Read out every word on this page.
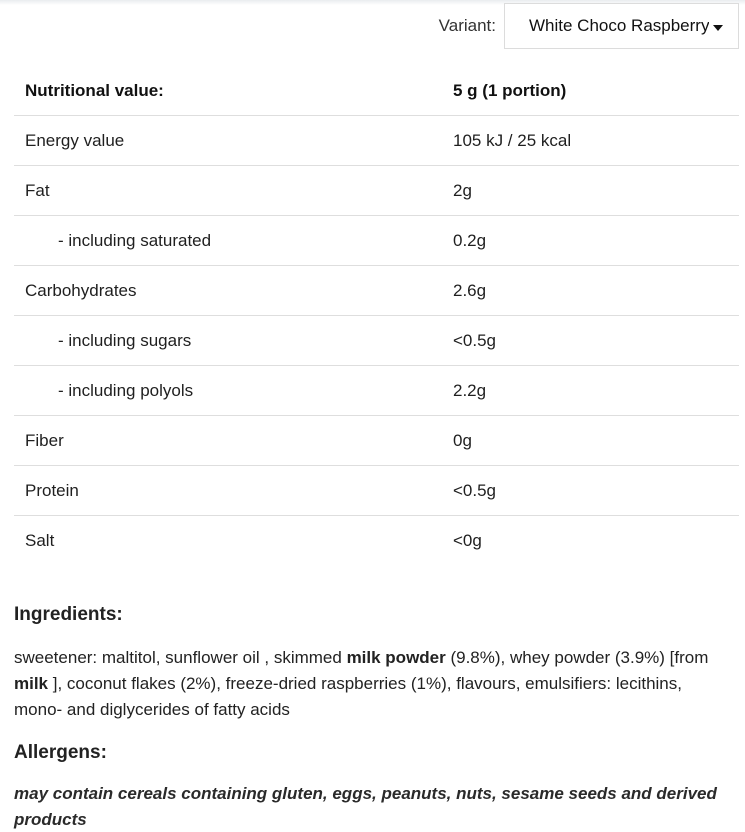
Variant: White Choco Raspberry
Nutritional value:	5 g (1 portion)
Energy value	105 kJ / 25 kcal
Fat	2g
- including saturated	0.2g
Carbohydrates	2.6g
- including sugars	<0.5g
- including polyols	2.2g
Fiber	0g
Protein	<0.5g
Salt	<0g
Ingredients:
sweetener: maltitol, sunflower oil , skimmed milk powder (9.8%), whey powder (3.9%) [from milk ], coconut flakes (2%), freeze-dried raspberries (1%), flavours, emulsifiers: lecithins, mono- and diglycerides of fatty acids
Allergens:
may contain cereals containing gluten, eggs, peanuts, nuts, sesame seeds and derived products
